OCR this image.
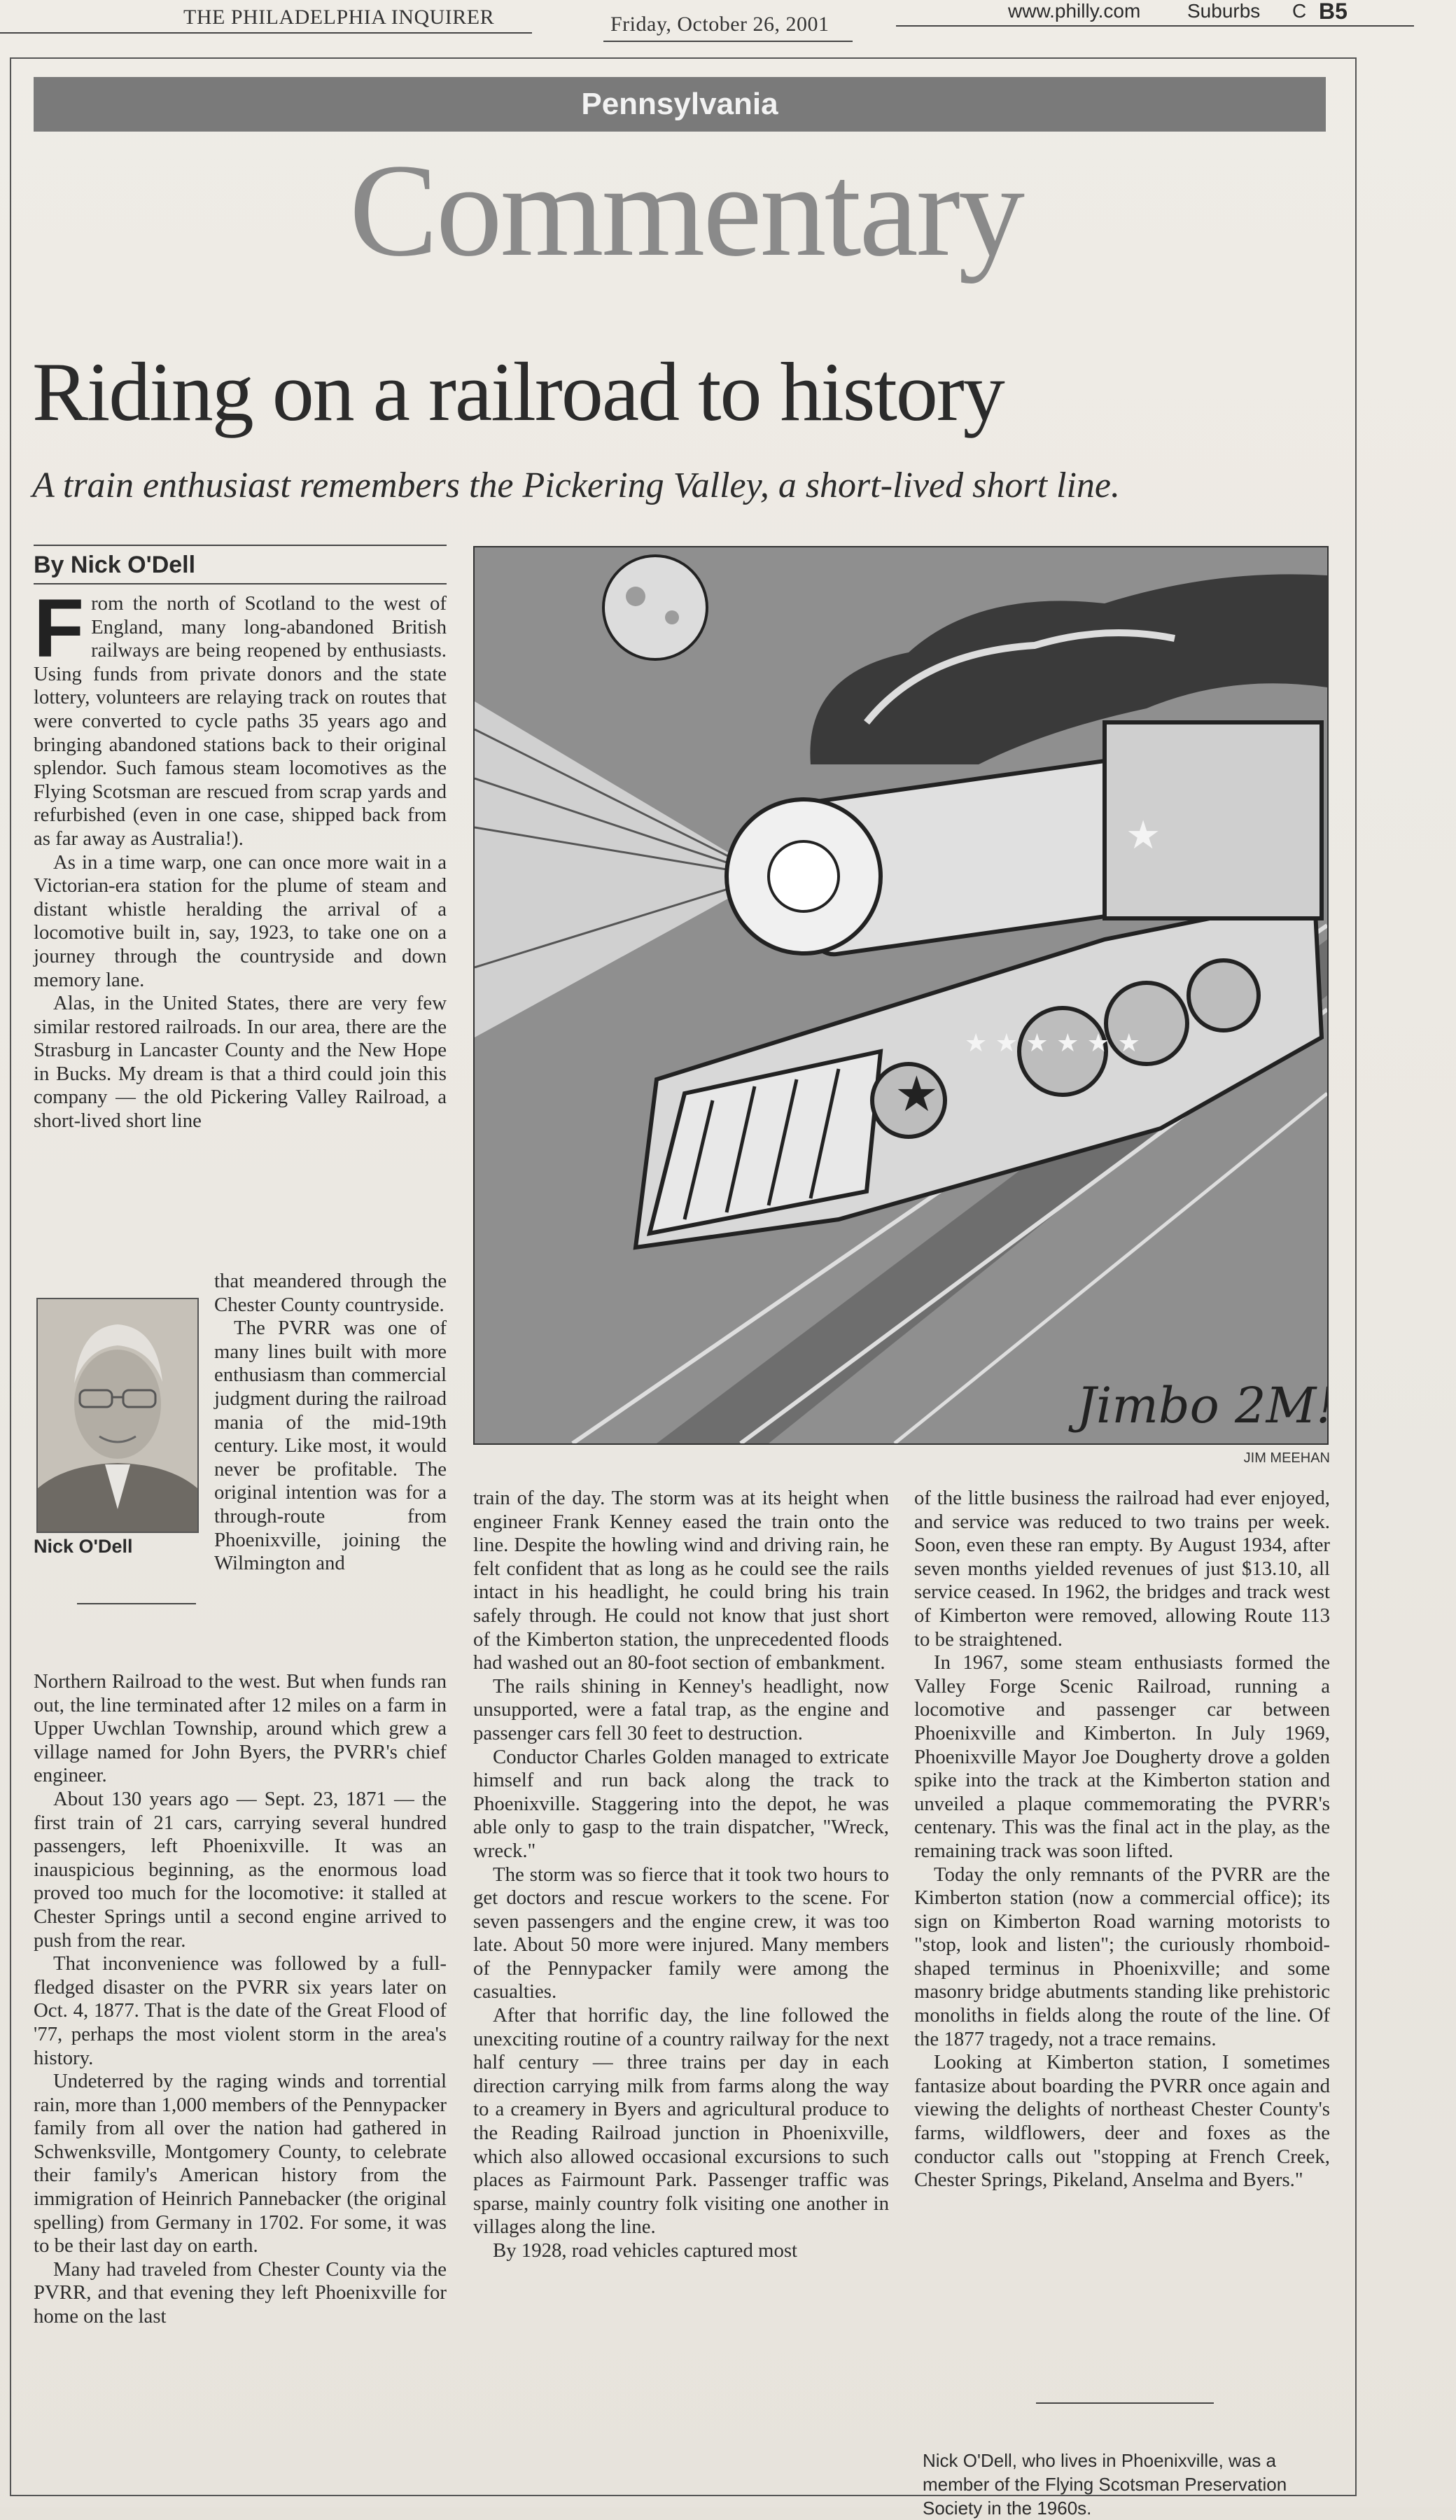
THE PHILADELPHIA INQUIRER	Friday, October 26, 2001
www.philly.com Suburbs C B5
Pennsylvania
Commentary
Riding on a railroad to history
A train enthusiast remembers the Pickering Valley, a short-lived short line.
By Nick O'Dell
F rom the north of Scotland to the west of England, many long-abandoned British railways are being reopened by enthusiasts. Using funds from private donors and the state lottery, volunteers are relaying track on routes that were converted to cycle paths 35 years ago and bringing abandoned stations back to their original splendor. Such famous steam locomotives as the Flying Scotsman are rescued from scrap yards and refurbished (even in one case, shipped back from as far away as Australia!).

As in a time warp, one can once more wait in a Victorian-era station for the plume of steam and distant whistle heralding the arrival of a locomotive built in, say, 1923, to take one on a journey through the countryside and down memory lane.

Alas, in the United States, there are very few similar restored railroads. In our area, there are the Strasburg in Lancaster County and the New Hope in Bucks. My dream is that a third could join this company — the old Pickering Valley Railroad, a short-lived short line

that meandered through the Chester County countryside.

The PVRR was one of many lines built with more enthusiasm than commercial judgment during the railroad mania of the mid-19th century. Like most, it would never be profitable. The original intention was for a through-route from Phoenixville, joining the Wilmington and

Nick O'Dell

Northern Railroad to the west. But when funds ran out, the line terminated after 12 miles on a farm in Upper Uwchlan Township, around which grew a village named for John Byers, the PVRR's chief engineer.

About 130 years ago — Sept. 23, 1871 — the first train of 21 cars, carrying several hundred passengers, left Phoenixville. It was an inauspicious beginning, as the enormous load proved too much for the locomotive: it stalled at Chester Springs until a second engine arrived to push from the rear.

That inconvenience was followed by a full-fledged disaster on the PVRR six years later on Oct. 4, 1877. That is the date of the Great Flood of '77, perhaps the most violent storm in the area's history.

Undeterred by the raging winds and torrential rain, more than 1,000 members of the Pennypacker family from all over the nation had gathered in Schwenksville, Montgomery County, to celebrate their family's American history from the immigration of Heinrich Pannebacker (the original spelling) from Germany in 1702. For some, it was to be their last day on earth.

Many had traveled from Chester County via the PVRR, and that evening they left Phoenixville for home on the last

★
★ ★ ★ ★ ★ ★
★
Jimbo 2M!
JIM MEEHAN

train of the day. The storm was at its height when engineer Frank Kenney eased the train onto the line. Despite the howling wind and driving rain, he felt confident that as long as he could see the rails intact in his headlight, he could bring his train safely through. He could not know that just short of the Kimberton station, the unprecedented floods had washed out an 80-foot section of embankment.

The rails shining in Kenney's headlight, now unsupported, were a fatal trap, as the engine and passenger cars fell 30 feet to destruction.

Conductor Charles Golden managed to extricate himself and run back along the track to Phoenixville. Staggering into the depot, he was able only to gasp to the train dispatcher, "Wreck, wreck."

The storm was so fierce that it took two hours to get doctors and rescue workers to the scene. For seven passengers and the engine crew, it was too late. About 50 more were injured. Many members of the Pennypacker family were among the casualties.

After that horrific day, the line followed the unexciting routine of a country railway for the next half century — three trains per day in each direction carrying milk from farms along the way to a creamery in Byers and agricultural produce to the Reading Railroad junction in Phoenixville, which also allowed occasional excursions to such places as Fairmount Park. Passenger traffic was sparse, mainly country folk visiting one another in villages along the line.

By 1928, road vehicles captured most

of the little business the railroad had ever enjoyed, and service was reduced to two trains per week. Soon, even these ran empty. By August 1934, after seven months yielded revenues of just $13.10, all service ceased. In 1962, the bridges and track west of Kimberton were removed, allowing Route 113 to be straightened.

In 1967, some steam enthusiasts formed the Valley Forge Scenic Railroad, running a locomotive and passenger car between Phoenixville and Kimberton. In July 1969, Phoenixville Mayor Joe Dougherty drove a golden spike into the track at the Kimberton station and unveiled a plaque commemorating the PVRR's centenary. This was the final act in the play, as the remaining track was soon lifted.

Today the only remnants of the PVRR are the Kimberton station (now a commercial office); its sign on Kimberton Road warning motorists to "stop, look and listen"; the curiously rhomboid-shaped terminus in Phoenixville; and some masonry bridge abutments standing like prehistoric monoliths in fields along the route of the line. Of the 1877 tragedy, not a trace remains.

Looking at Kimberton station, I sometimes fantasize about boarding the PVRR once again and viewing the delights of northeast Chester County's farms, wildflowers, deer and foxes as the conductor calls out "stopping at French Creek, Chester Springs, Pikeland, Anselma and Byers."

Nick O'Dell, who lives in Phoenixville, was a member of the Flying Scotsman Preservation Society in the 1960s.
